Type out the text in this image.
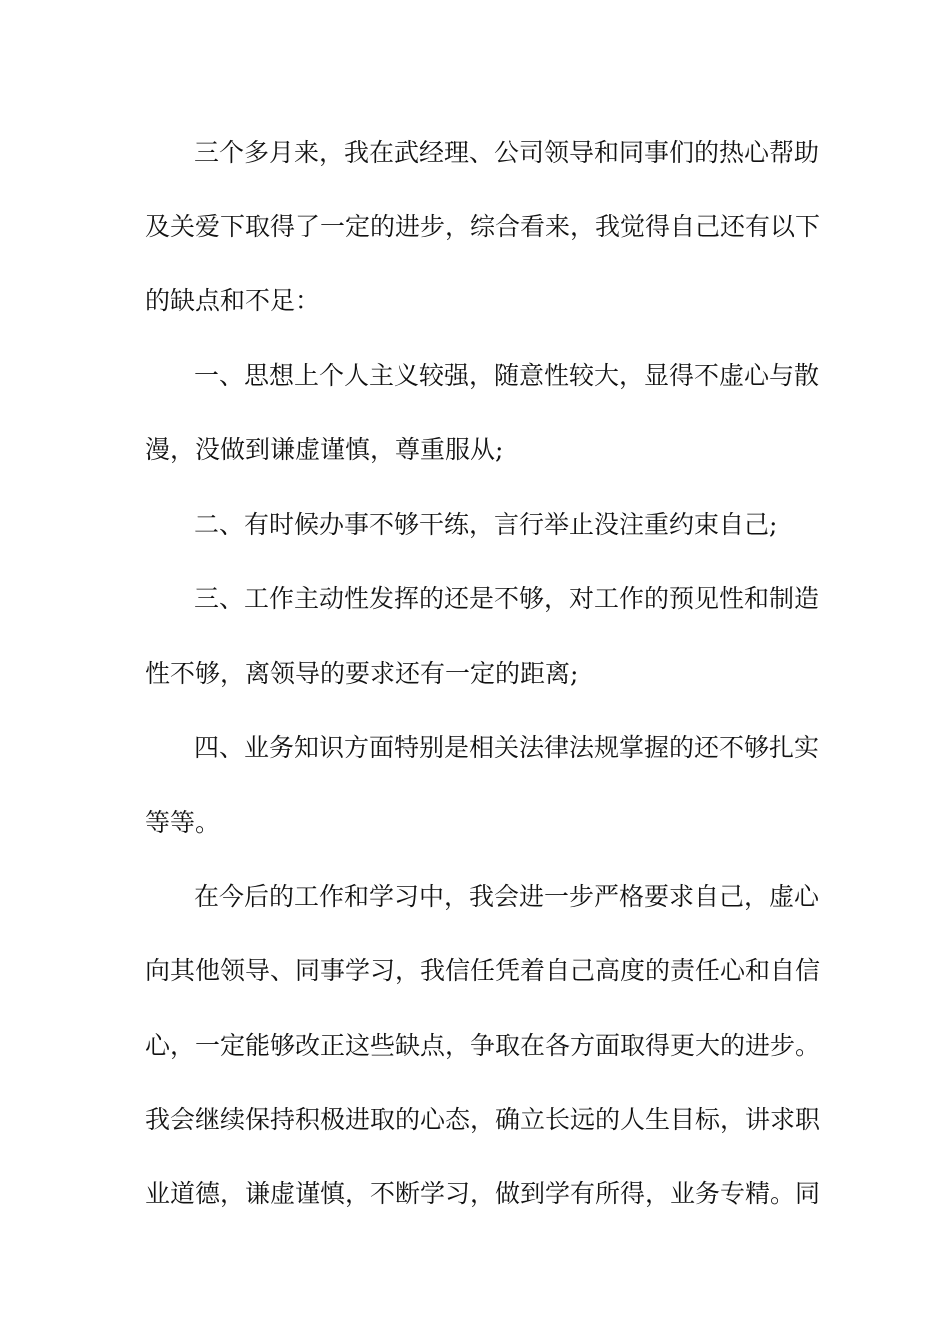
三个多月来，我在武经理、公司领导和同事们的热心帮助
及关爱下取得了一定的进步，综合看来，我觉得自己还有以下
的缺点和不足：
一、思想上个人主义较强，随意性较大，显得不虚心与散
漫，没做到谦虚谨慎，尊重服从;
二、有时候办事不够干练，言行举止没注重约束自己;
三、工作主动性发挥的还是不够，对工作的预见性和制造
性不够，离领导的要求还有一定的距离;
四、业务知识方面特别是相关法律法规掌握的还不够扎实
等等。
在今后的工作和学习中，我会进一步严格要求自己，虚心
向其他领导、同事学习，我信任凭着自己高度的责任心和自信
心，一定能够改正这些缺点，争取在各方面取得更大的进步。
我会继续保持积极进取的心态，确立长远的人生目标，讲求职
业道德，谦虚谨慎，不断学习，做到学有所得，业务专精。同
